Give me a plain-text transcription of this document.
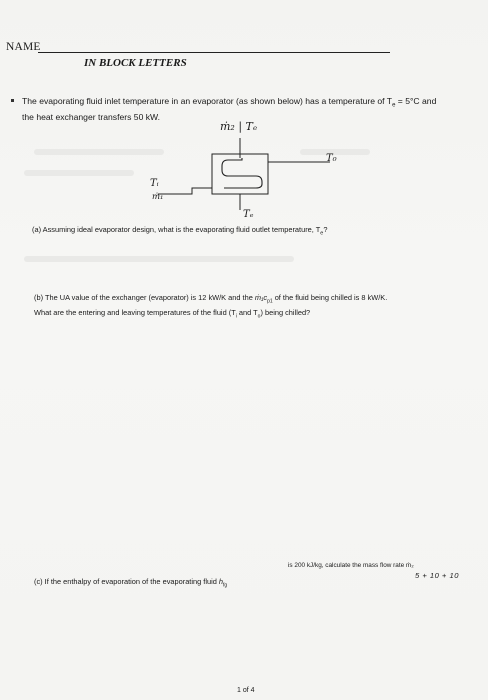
NAME
IN BLOCK LETTERS
The evaporating fluid inlet temperature in an evaporator (as shown below) has a temperature of $T_e = 5^\circ C$ and
the heat exchanger transfers 50 kW.
ṁ₂ | Tₑ
T₀
Tᵢ
ṁ₁
Tₑ
(a) Assuming ideal evaporator design, what is the evaporating fluid outlet temperature, $T_e$?
(b) The UA value of the exchanger (evaporator) is 12 kW/K and the $ṁ_1c_{p1}$ of the fluid being chilled is 8 kW/K.
What are the entering and leaving temperatures of the fluid ($T_i$ and $T_o$) being chilled?
(c) If the enthalpy of evaporation of the evaporating fluid $h_{fg}$
is 200 kJ/kg, calculate the mass flow rate ṁ₂
5 + 10 + 10
1 of 4
